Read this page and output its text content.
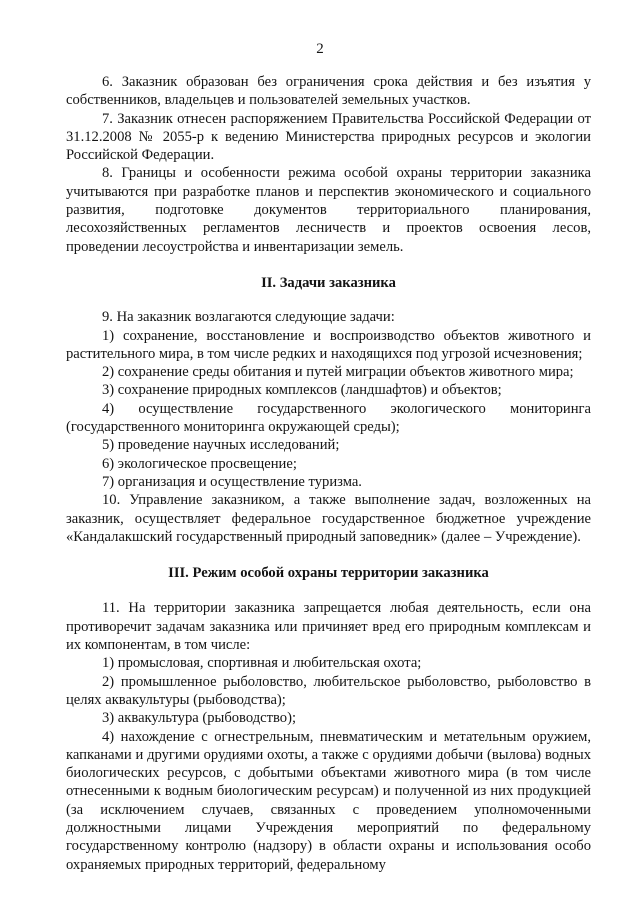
2

6. Заказник образован без ограничения срока действия и без изъятия у собственников, владельцев и пользователей земельных участков.

7. Заказник отнесен распоряжением Правительства Российской Федерации от 31.12.2008 № 2055-р к ведению Министерства природных ресурсов и экологии Российской Федерации.

8. Границы и особенности режима особой охраны территории заказника учитываются при разработке планов и перспектив экономического и социального развития, подготовке документов территориального планирования, лесохозяйственных регламентов лесничеств и проектов освоения лесов, проведении лесоустройства и инвентаризации земель.

II. Задачи заказника

9. На заказник возлагаются следующие задачи:

1) сохранение, восстановление и воспроизводство объектов животного и растительного мира, в том числе редких и находящихся под угрозой исчезновения;

2) сохранение среды обитания и путей миграции объектов животного мира;

3) сохранение природных комплексов (ландшафтов) и объектов;

4) осуществление государственного экологического мониторинга (государственного мониторинга окружающей среды);

5) проведение научных исследований;

6) экологическое просвещение;

7) организация и осуществление туризма.

10. Управление заказником, а также выполнение задач, возложенных на заказник, осуществляет федеральное государственное бюджетное учреждение «Кандалакшский государственный природный заповедник» (далее – Учреждение).

III. Режим особой охраны территории заказника

11. На территории заказника запрещается любая деятельность, если она противоречит задачам заказника или причиняет вред его природным комплексам и их компонентам, в том числе:

1) промысловая, спортивная и любительская охота;

2) промышленное рыболовство, любительское рыболовство, рыболовство в целях аквакультуры (рыбоводства);

3) аквакультура (рыбоводство);

4) нахождение с огнестрельным, пневматическим и метательным оружием, капканами и другими орудиями охоты, а также с орудиями добычи (вылова) водных биологических ресурсов, с добытыми объектами животного мира (в том числе отнесенными к водным биологическим ресурсам) и полученной из них продукцией (за исключением случаев, связанных с проведением уполномоченными должностными лицами Учреждения мероприятий по федеральному государственному контролю (надзору) в области охраны и использования особо охраняемых природных территорий, федеральному
